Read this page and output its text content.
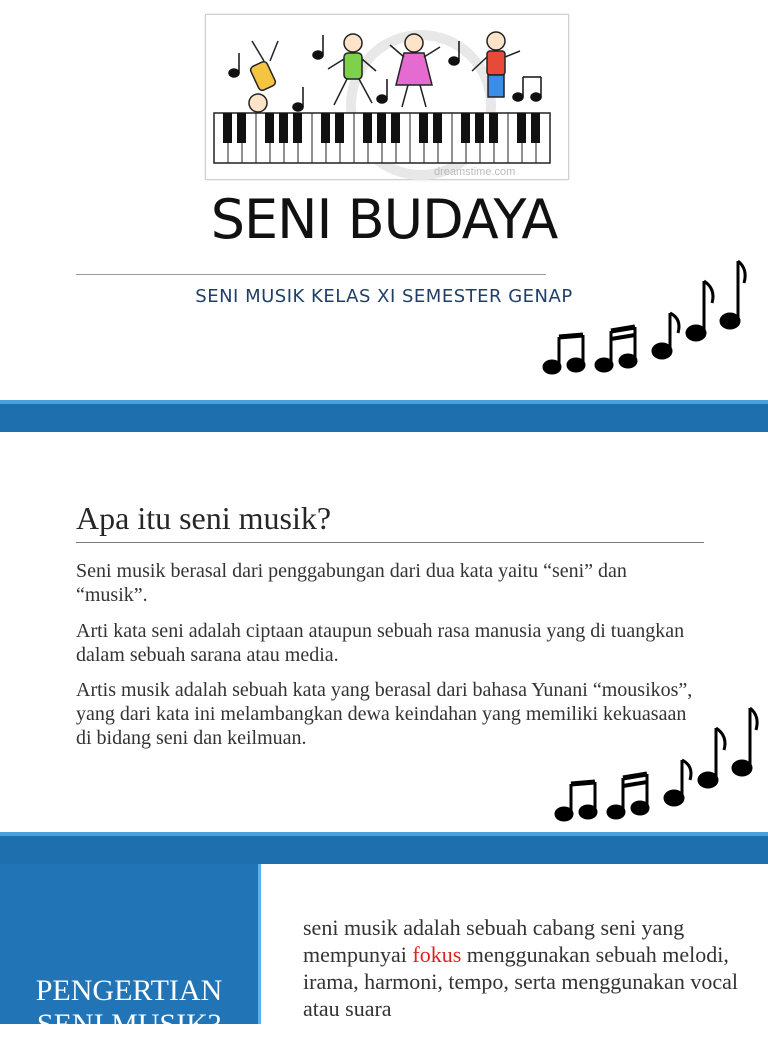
dreamstime.com
SENI BUDAYA
SENI MUSIK KELAS XI SEMESTER GENAP
Apa itu seni musik?

Seni musik berasal dari penggabungan dari dua kata yaitu “seni” dan “musik”.

Arti kata seni adalah ciptaan ataupun sebuah rasa manusia yang di tuangkan dalam sebuah sarana atau media.

Artis musik adalah sebuah kata yang berasal dari bahasa Yunani “mousikos”, yang dari kata ini melambangkan dewa keindahan yang memiliki kekuasaan di bidang seni dan keilmuan.

PENGERTIAN SENI MUSIK?

seni musik adalah sebuah cabang seni yang mempunyai fokus menggunakan sebuah melodi, irama, harmoni, tempo, serta menggunakan vocal atau suara
